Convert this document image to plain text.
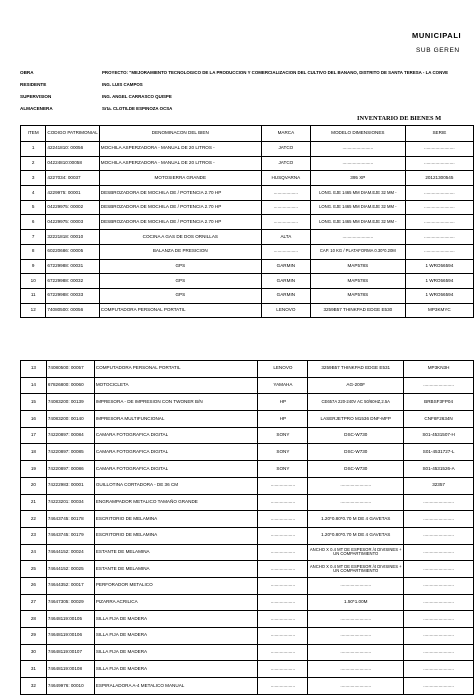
MUNICIPALI
SUB GEREN
OBRA	PROYECTO: "MEJORAMIENTO TECNOLOGICO DE LA PRODUCCION Y COMERCIALIZACION DEL CULTIVO DEL BANANO, DISTRITO DE SANTA TERESA - LA CONVE
RESIDENTE	ING. LUIS CAMPOS
SUPERVISION	ING. ANGEL CARRASCO QUISPE
ALMACENERA	Srta. CLOTILDE ESPINOZA OCSA
INVENTARIO DE BIENES M
ITEM	CODIGO PATRIMONIAL	DENOMINACON DEL BIEN	MARCA	MODELO DIMENSIONES	SERIE
1	42241810: 00056	MOCHILA ASPERZADORA - MANUAL DE 20 LITROS -	JATCO	........................	........................
2	04224810:00058	MOCHILA ASPERZADORA - MANUAL DE 20 LITROS -	JATCO	........................	........................
3	4227034: 00037	MOTOSIERRA GRANDE	HUSQVARNA	395 XP	20121300545
4	4229975: 00001	DESBROZADORA DE MOCHILA DE / POTENCIA 2.70 HP	...................	LONG. EJE 1465 MM DIAM.EJE 32 MM -	........................
5	04229975: 00002	DESBROZADORA DE MOCHILA DE / POTENCIA 2.70 HP	...................	LONG. EJE 1465 MM DIAM.EJE 32 MM -	........................
6	04229975: 00003	DESBROZADORA DE MOCHILA DE / POTENCIA 2.70 HP	...................	LONG. EJE 1465 MM DIAM.EJE 32 MM -	........................
7	32221818: 00010	COCINA A GAS DE DOS ORNILLAS	ALTA	........................	........................
8	60220686: 00005	BALANZA DE PRESICION	...................	CAP. 10 KG / PLATAFORMA 0.30*0.20M	........................
9	67229988: 00031	GPS	GARMIN	MAP578S	1 WRO56594
10	67229988: 00032	GPS	GARMIN	MAP578S	1 WRO56594
11	67229988: 00033	GPS	GARMIN	MAP578S	1 WRO56594
12	74080500: 00056	COMPUTADORA PERSONAL PORTATIL	LENOVO	3259B57 THINKPAD EDGE E530	MP3KMYC
13	74080500: 00057	COMPUTADORA PERSONAL PORTATIL	LENOVO	3259B57 THINKPAD EDGE E531	MP3KN3H
14	67826800: 00060	MOTOCICLETA	YAMAHA	AG-200F	........................
15	74083200: 00139	IMPRESORA - DE IMPRESION CON TWONER B/N	HP	CE657A 220-240V AC 50/60HZ,2.5A	BRBSF3FP04
16	74083200: 00140	IMPRESORA MULTIFUNCIONAL	HP	LASERJETPRO M1536 DNF-MFP	CNF8F2634N
17	74220897: 00084	CAMARA FOTOGRAFICA DIGITAL	SONY	DSC-W730	S01-4531507-H
18	74220897: 00085	CAMARA FOTOGRAFICA DIGITAL	SONY	DSC-W730	S01-4531727-L
19	74220897: 00086	CAMARA FOTOGRAFICA DIGITAL	SONY	DSC-W730	S01-4531526-A
20	74222983: 00001	GUILLOTINA CORTADORA - DE 36 CM	...................	........................	32357
21	74223201: 00034	ENGRAMPADOR METALICO TAMAÑO GRANDE	...................	........................	........................
22	74643745: 00178	ESCRITORIO DE MELAMINA	...................	1.20*0.80*0.70 M DE 4 GAVETAS	........................
23	74643745: 00179	ESCRITORIO DE MELAMINA	...................	1.20*0.80*0.70 M DE 4 GAVETAS	........................
24	74644152: 00024	ESTANTE DE MELAMINA	...................	ANCHO X 0.4 MT DE ESPESOR /4 DIVISINES + UN COMPARTIMIENTO	........................
25	74644152: 00025	ESTANTE DE MELAMINA	...................	ANCHO X 0.4 MT DE ESPESOR /4 DIVISINES + UN COMPARTIMIENTO	........................
26	74644352: 00017	PERFORADOR METALICO	...................	........................	........................
27	74647305: 00029	PIZARRA ACRILICA	...................	1.50*1.00M	........................
28	74648119:00105	SILLA FIJA DE MADERA	...................	........................	........................
29	74648119:00106	SILLA FIJA DE MADERA	...................	........................	........................
30	74648119:00107	SILLA FIJA DE MADERA	...................	........................	........................
31	74648119:00108	SILLA FIJA DE MADERA	...................	........................	........................
32	74649976: 00010	ESPIRALADORA A-4 METALICO MANUAL	...................	........................	........................
